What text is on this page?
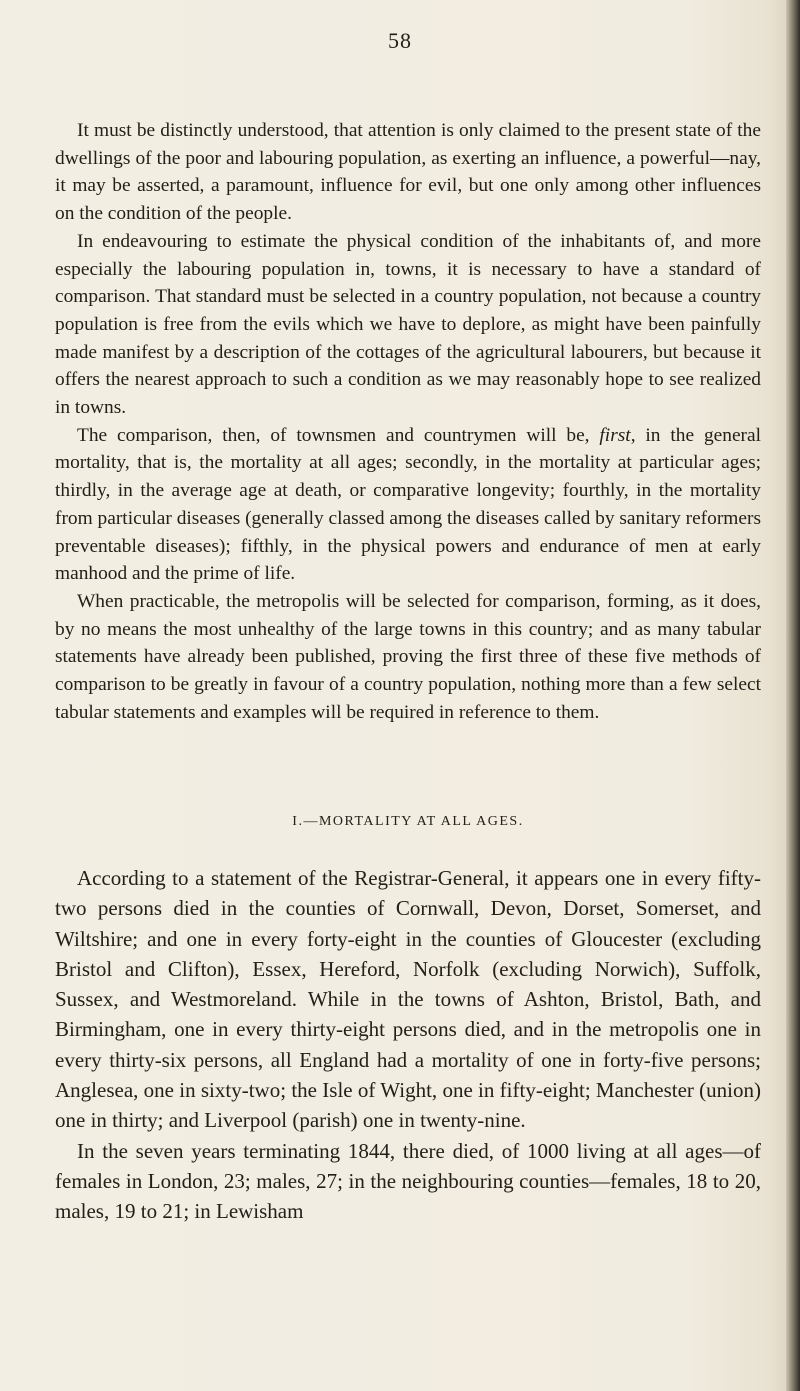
58

It must be distinctly understood, that attention is only claimed to the present state of the dwellings of the poor and labouring population, as exerting an influence, a powerful—nay, it may be asserted, a paramount, influence for evil, but one only among other influences on the condition of the people.

In endeavouring to estimate the physical condition of the inhabitants of, and more especially the labouring population in, towns, it is necessary to have a standard of comparison. That standard must be selected in a country population, not because a country population is free from the evils which we have to deplore, as might have been painfully made manifest by a description of the cottages of the agricultural labourers, but because it offers the nearest approach to such a condition as we may reasonably hope to see realized in towns.

The comparison, then, of townsmen and countrymen will be, first, in the general mortality, that is, the mortality at all ages; secondly, in the mortality at particular ages; thirdly, in the average age at death, or comparative longevity; fourthly, in the mortality from particular diseases (generally classed among the diseases called by sanitary reformers preventable diseases); fifthly, in the physical powers and endurance of men at early manhood and the prime of life.

When practicable, the metropolis will be selected for comparison, forming, as it does, by no means the most unhealthy of the large towns in this country; and as many tabular statements have already been published, proving the first three of these five methods of comparison to be greatly in favour of a country population, nothing more than a few select tabular statements and examples will be required in reference to them.

I.—MORTALITY AT ALL AGES.

According to a statement of the Registrar-General, it appears one in every fifty-two persons died in the counties of Cornwall, Devon, Dorset, Somerset, and Wiltshire; and one in every forty-eight in the counties of Gloucester (excluding Bristol and Clifton), Essex, Hereford, Norfolk (excluding Norwich), Suffolk, Sussex, and Westmoreland. While in the towns of Ashton, Bristol, Bath, and Birmingham, one in every thirty-eight persons died, and in the metropolis one in every thirty-six persons, all England had a mortality of one in forty-five persons; Anglesea, one in sixty-two; the Isle of Wight, one in fifty-eight; Manchester (union) one in thirty; and Liverpool (parish) one in twenty-nine.

In the seven years terminating 1844, there died, of 1000 living at all ages—of females in London, 23; males, 27; in the neighbouring counties—females, 18 to 20, males, 19 to 21; in Lewisham
